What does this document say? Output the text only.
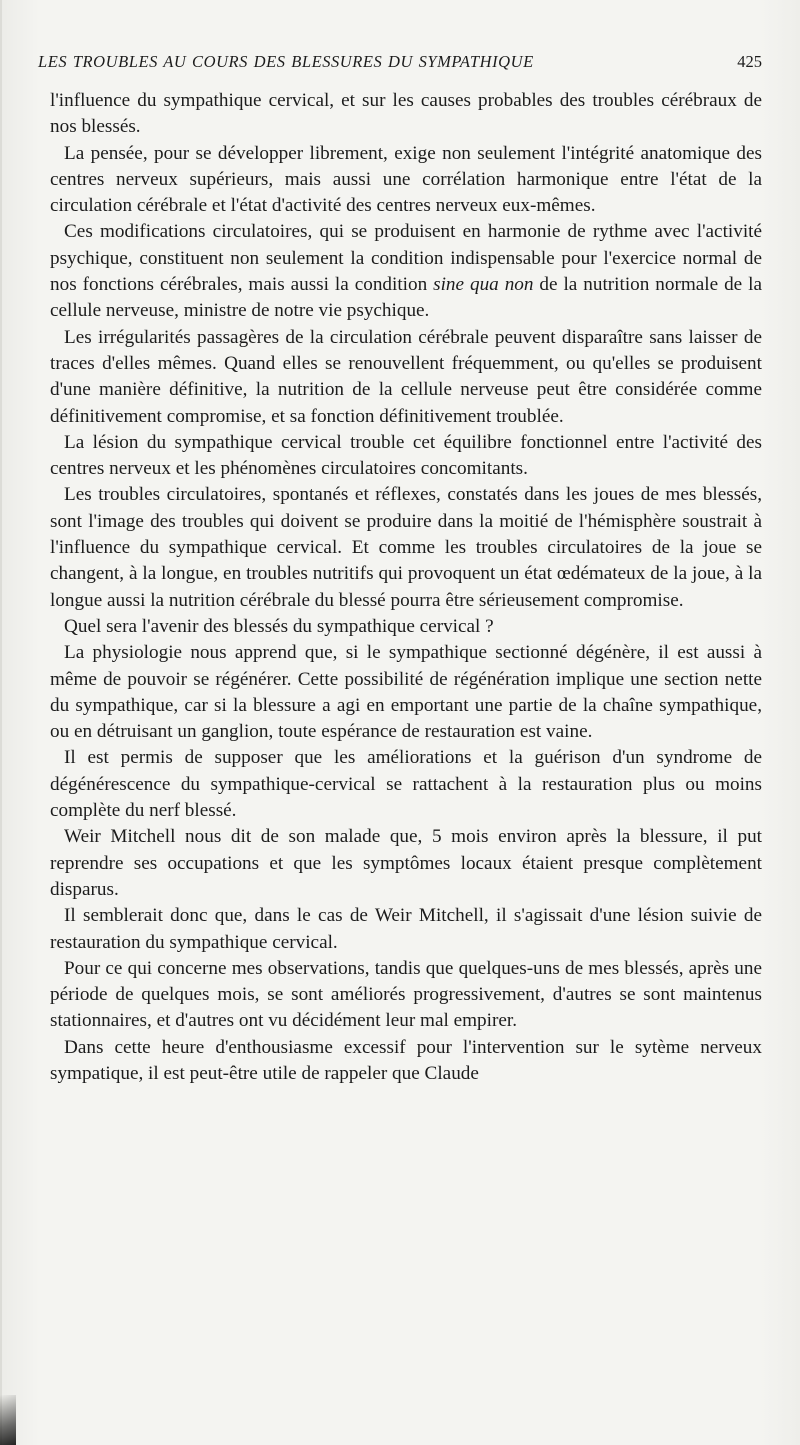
LES TROUBLES AU COURS DES BLESSURES DU SYMPATHIQUE	425

l'influence du sympathique cervical, et sur les causes probables des troubles cérébraux de nos blessés.

La pensée, pour se développer librement, exige non seulement l'intégrité anatomique des centres nerveux supérieurs, mais aussi une corrélation harmonique entre l'état de la circulation cérébrale et l'état d'activité des centres nerveux eux-mêmes.

Ces modifications circulatoires, qui se produisent en harmonie de rythme avec l'activité psychique, constituent non seulement la condition indispensable pour l'exercice normal de nos fonctions cérébrales, mais aussi la condition sine qua non de la nutrition normale de la cellule nerveuse, ministre de notre vie psychique.

Les irrégularités passagères de la circulation cérébrale peuvent disparaître sans laisser de traces d'elles mêmes. Quand elles se renouvellent fréquemment, ou qu'elles se produisent d'une manière définitive, la nutrition de la cellule nerveuse peut être considérée comme définitivement compromise, et sa fonction définitivement troublée.

La lésion du sympathique cervical trouble cet équilibre fonctionnel entre l'activité des centres nerveux et les phénomènes circulatoires concomitants.

Les troubles circulatoires, spontanés et réflexes, constatés dans les joues de mes blessés, sont l'image des troubles qui doivent se produire dans la moitié de l'hémisphère soustrait à l'influence du sympathique cervical. Et comme les troubles circulatoires de la joue se changent, à la longue, en troubles nutritifs qui provoquent un état œdémateux de la joue, à la longue aussi la nutrition cérébrale du blessé pourra être sérieusement compromise.

Quel sera l'avenir des blessés du sympathique cervical ?

La physiologie nous apprend que, si le sympathique sectionné dégénère, il est aussi à même de pouvoir se régénérer. Cette possibilité de régénération implique une section nette du sympathique, car si la blessure a agi en emportant une partie de la chaîne sympathique, ou en détruisant un ganglion, toute espérance de restauration est vaine.

Il est permis de supposer que les améliorations et la guérison d'un syndrome de dégénérescence du sympathique-cervical se rattachent à la restauration plus ou moins complète du nerf blessé.

Weir Mitchell nous dit de son malade que, 5 mois environ après la blessure, il put reprendre ses occupations et que les symptômes locaux étaient presque complètement disparus.

Il semblerait donc que, dans le cas de Weir Mitchell, il s'agissait d'une lésion suivie de restauration du sympathique cervical.

Pour ce qui concerne mes observations, tandis que quelques-uns de mes blessés, après une période de quelques mois, se sont améliorés progressivement, d'autres se sont maintenus stationnaires, et d'autres ont vu décidément leur mal empirer.

Dans cette heure d'enthousiasme excessif pour l'intervention sur le sytème nerveux sympatique, il est peut-être utile de rappeler que Claude
